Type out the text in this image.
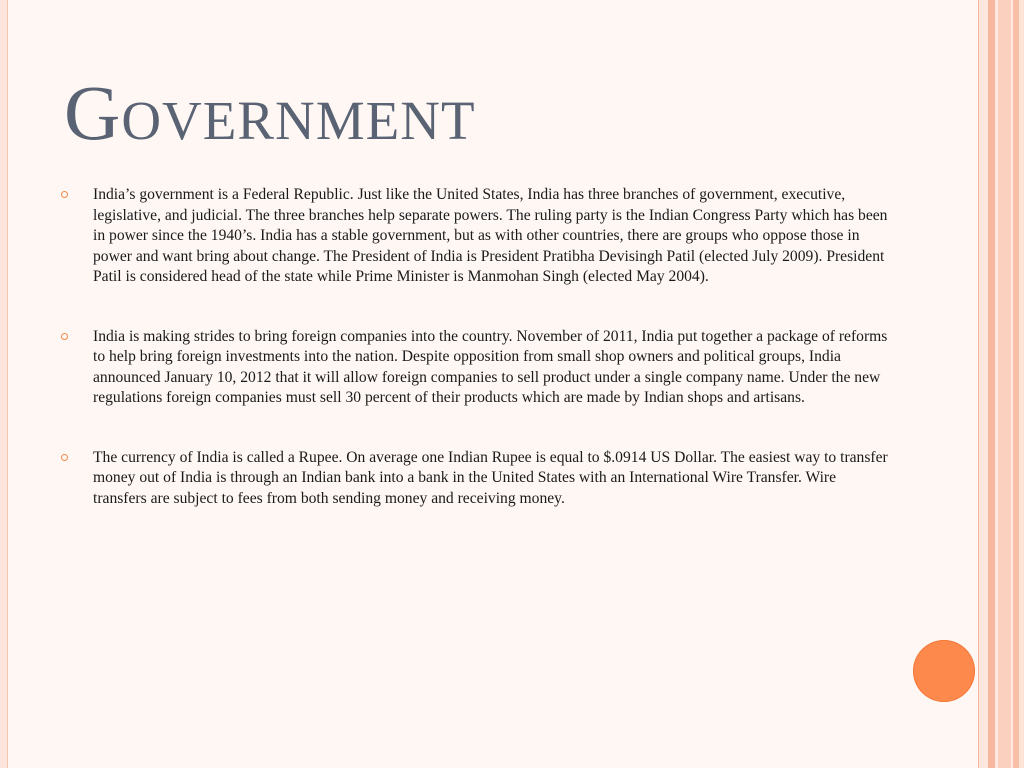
Government
India’s government is a Federal Republic. Just like the United States, India has three branches of government, executive, legislative, and judicial. The three branches help separate powers. The ruling party is the Indian Congress Party which has been in power since the 1940’s. India has a stable government, but as with other countries, there are groups who oppose those in power and want bring about change. The President of India is President Pratibha Devisingh Patil (elected July 2009). President Patil is considered head of the state while Prime Minister is Manmohan Singh (elected May 2004).
India is making strides to bring foreign companies into the country. November of 2011, India put together a package of reforms to help bring foreign investments into the nation. Despite opposition from small shop owners and political groups, India announced January 10, 2012 that it will allow foreign companies to sell product under a single company name. Under the new regulations foreign companies must sell 30 percent of their products which are made by Indian shops and artisans.
The currency of India is called a Rupee. On average one Indian Rupee is equal to $.0914 US Dollar. The easiest way to transfer money out of India is through an Indian bank into a bank in the United States with an International Wire Transfer. Wire transfers are subject to fees from both sending money and receiving money.
